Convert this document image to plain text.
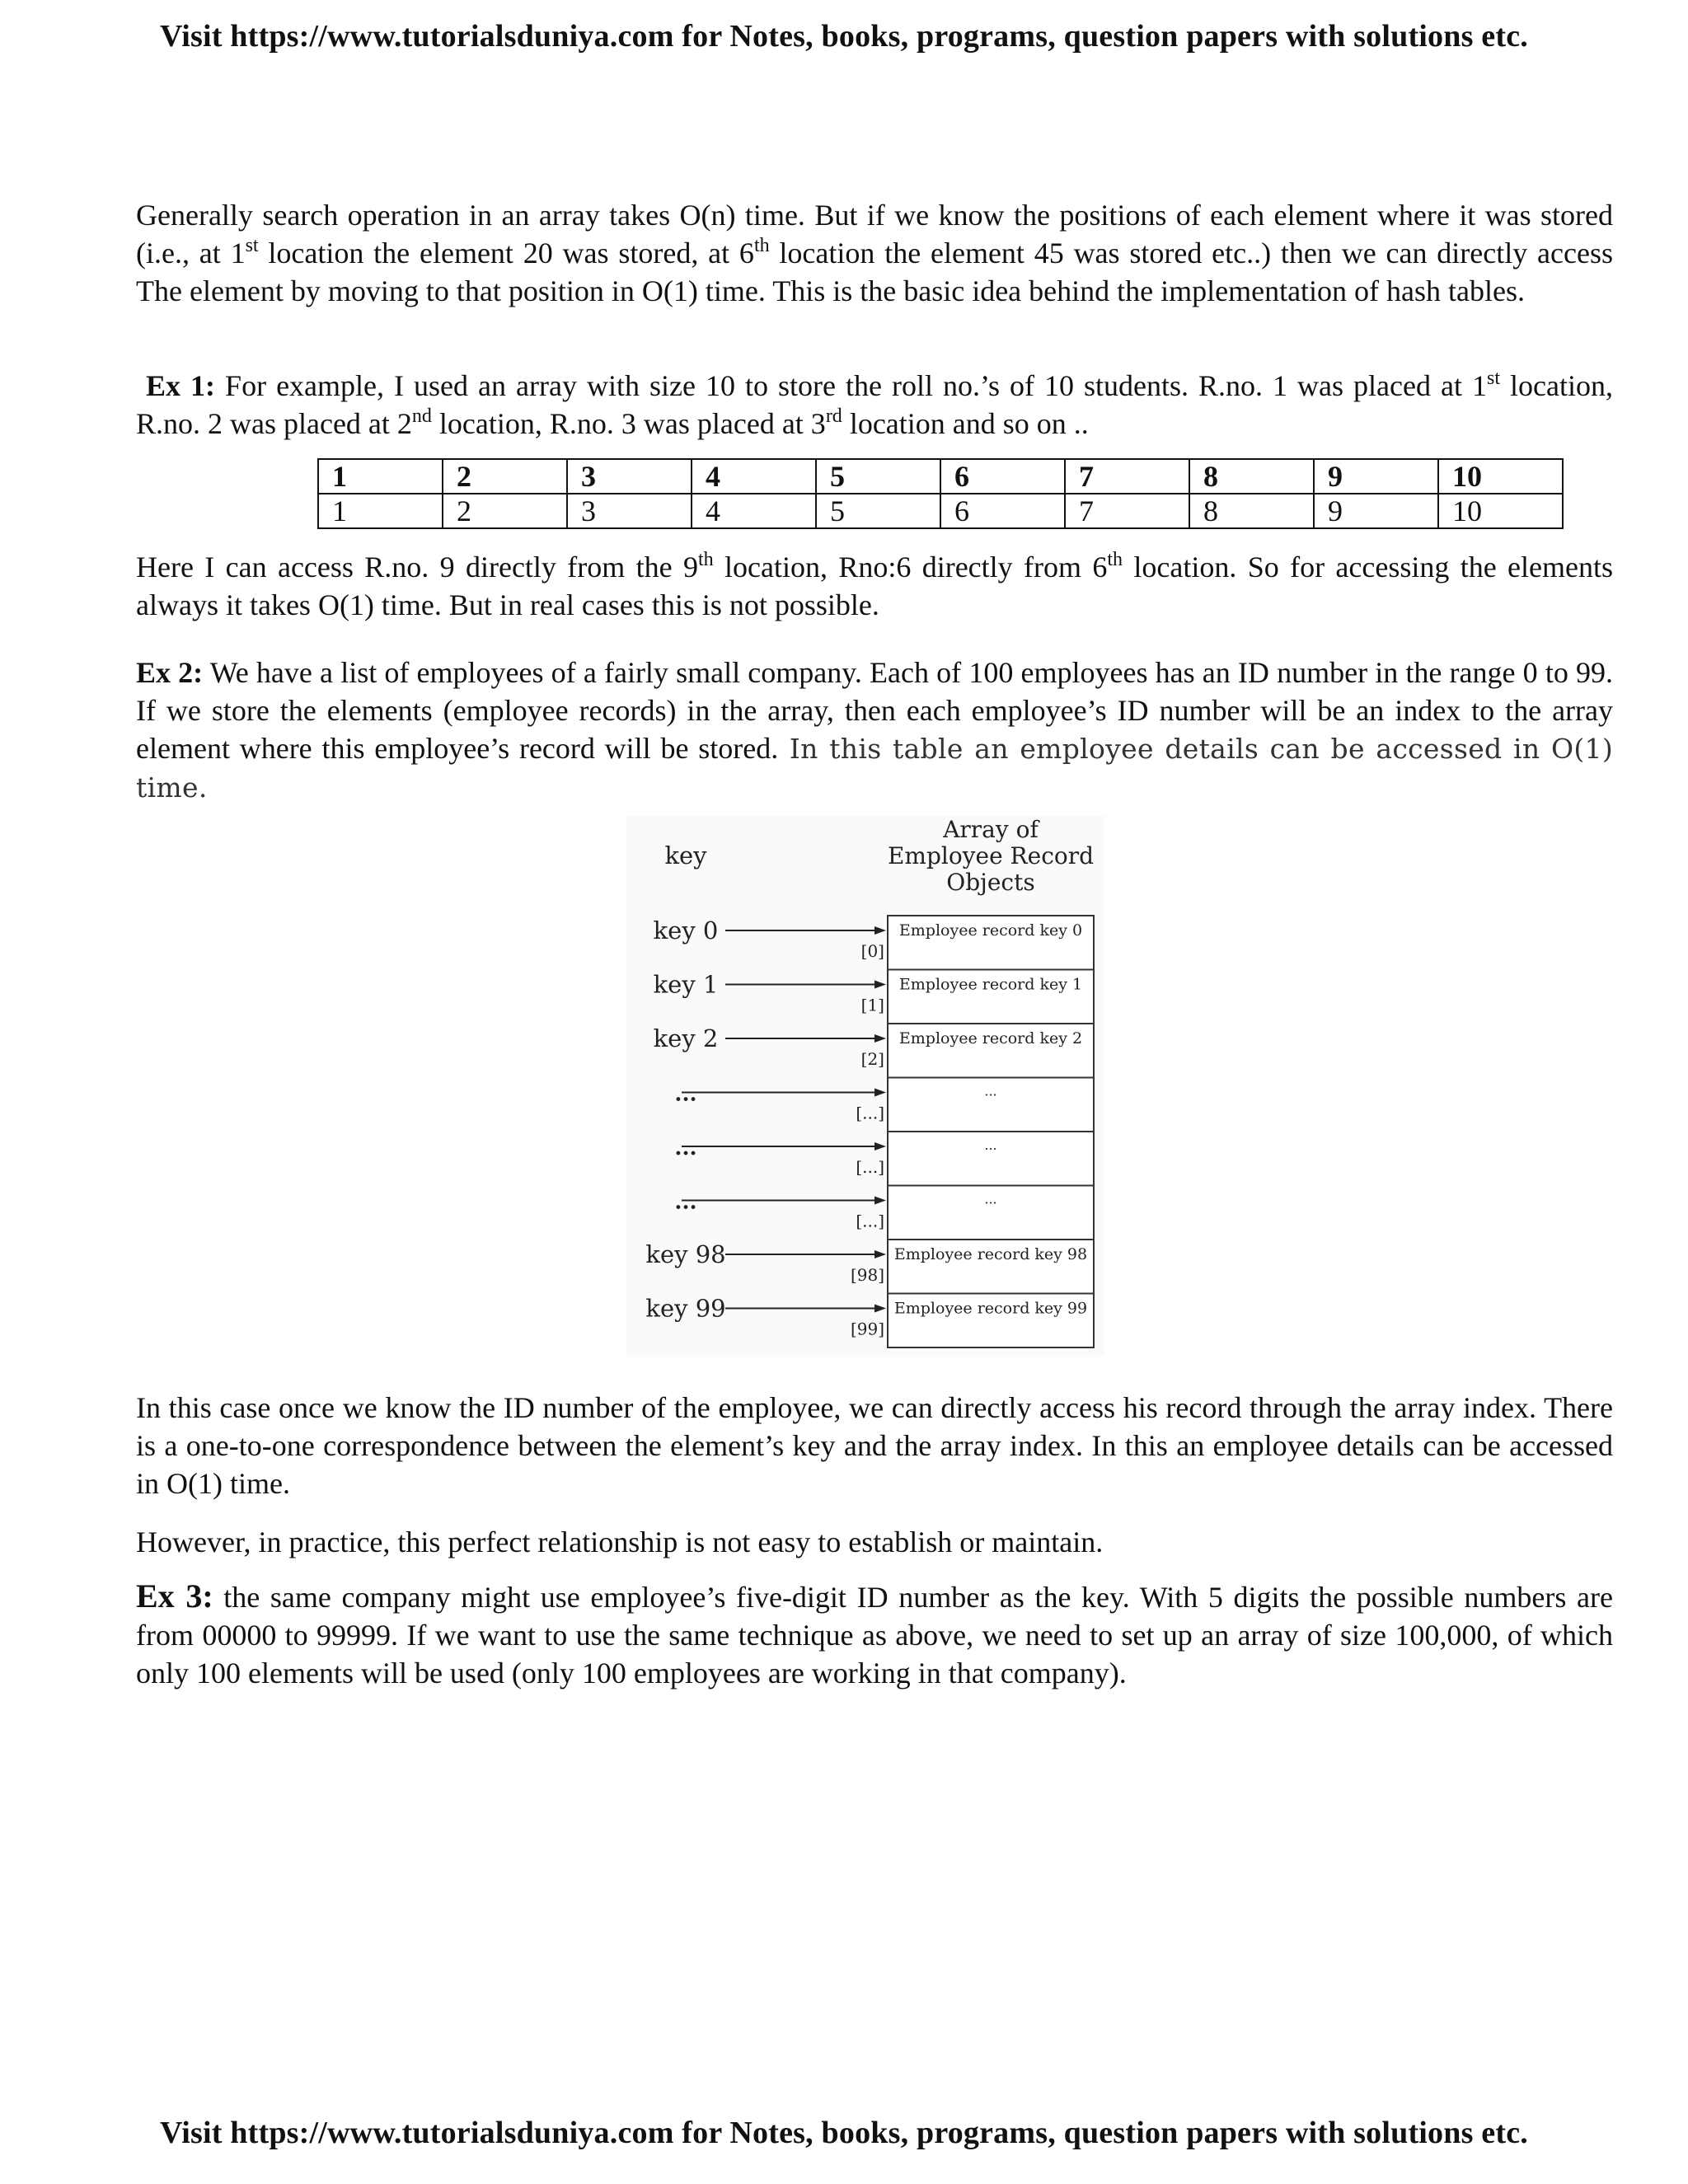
Visit https://www.tutorialsduniya.com for Notes, books, programs, question papers with solutions etc.
Generally search operation in an array takes O(n) time. But if we know the positions of each element where it was stored (i.e., at 1st location the element 20 was stored, at 6th location the element 45 was stored etc..) then we can directly access The element by moving to that position in O(1) time. This is the basic idea behind the implementation of hash tables.
Ex 1: For example, I used an array with size 10 to store the roll no.’s of 10 students. R.no. 1 was placed at 1st location, R.no. 2 was placed at 2nd location, R.no. 3 was placed at 3rd location and so on ..
1	2	3	4	5	6	7	8	9	10
1	2	3	4	5	6	7	8	9	10
Here I can access R.no. 9 directly from the 9th location, Rno:6 directly from 6th location. So for accessing the elements always it takes O(1) time. But in real cases this is not possible.
Ex 2: We have a list of employees of a fairly small company. Each of 100 employees has an ID number in the range 0 to 99. If we store the elements (employee records) in the array, then each employee’s ID number will be an index to the array element where this employee’s record will be stored. In this table an employee details can be accessed in O(1) time.
key
Array of
Employee Record
Objects
key 0
[0]
Employee record key 0
key 1
[1]
Employee record key 1
key 2
[2]
Employee record key 2
...
[...]
...
...
[...]
...
...
[...]
...
key 98
[98]
Employee record key 98
key 99
[99]
Employee record key 99
In this case once we know the ID number of the employee, we can directly access his record through the array index. There is a one-to-one correspondence between the element’s key and the array index. In this an employee details can be accessed in O(1) time.
However, in practice, this perfect relationship is not easy to establish or maintain.
Ex 3: the same company might use employee’s five-digit ID number as the key. With 5 digits the possible numbers are from 00000 to 99999. If we want to use the same technique as above, we need to set up an array of size 100,000, of which only 100 elements will be used (only 100 employees are working in that company).
Visit https://www.tutorialsduniya.com for Notes, books, programs, question papers with solutions etc.
